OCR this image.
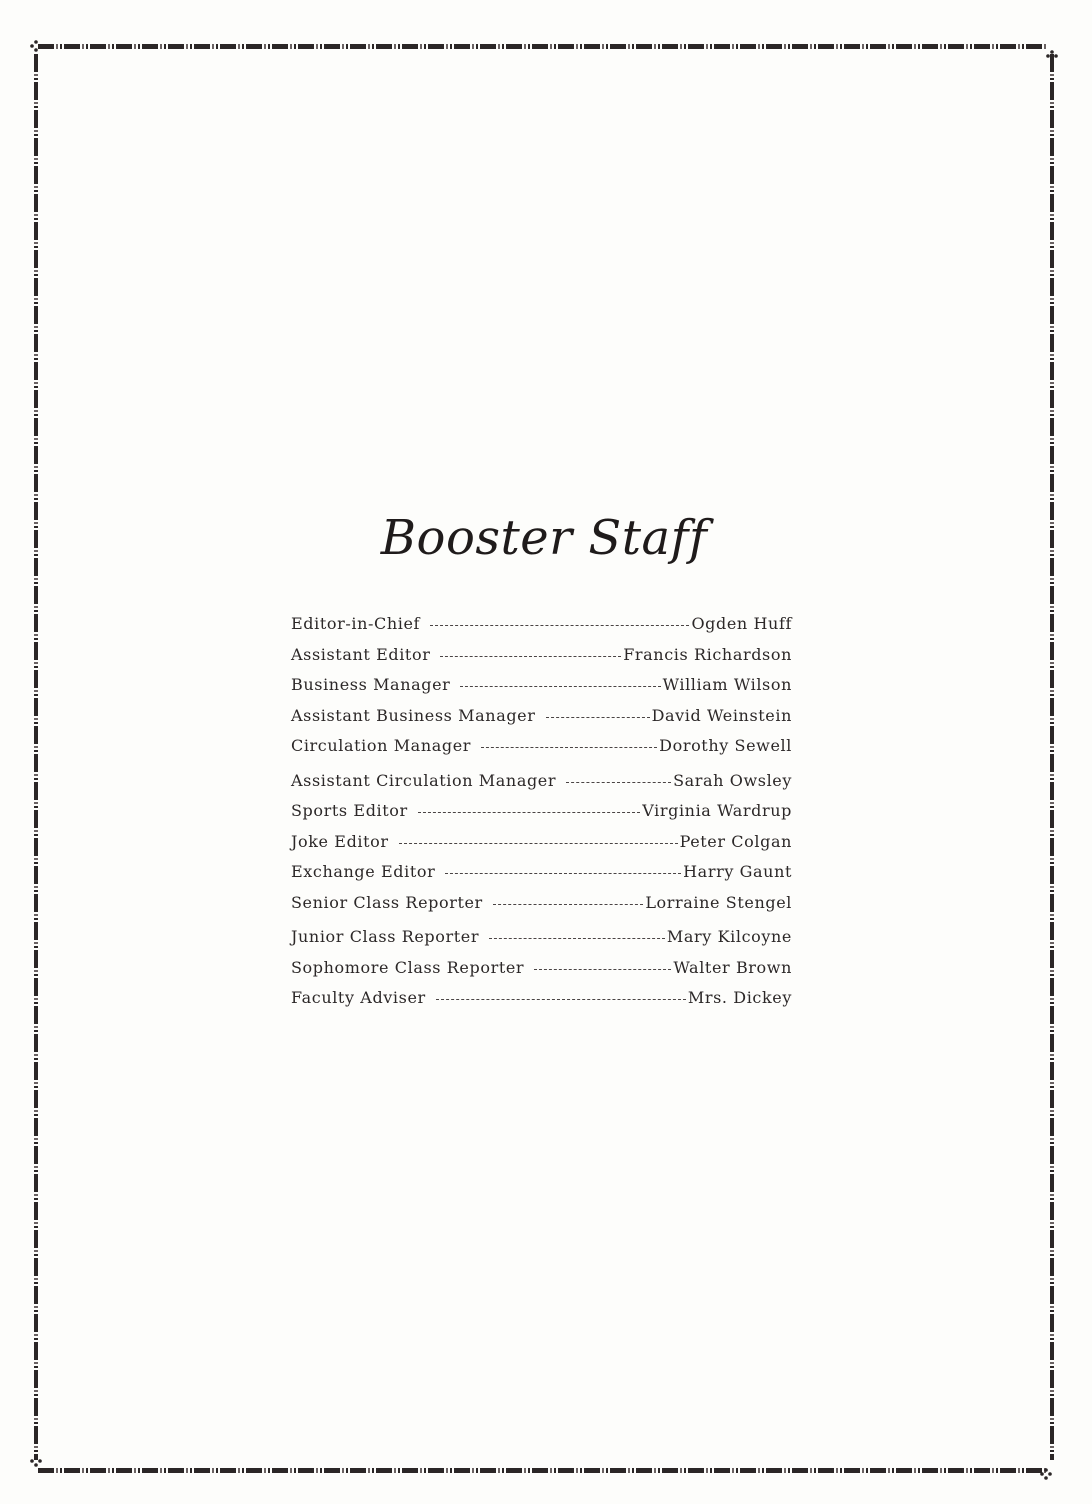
Booster Staff
Editor-in-Chief	Ogden Huff
Assistant Editor	Francis Richardson
Business Manager	William Wilson
Assistant Business Manager	David Weinstein
Circulation Manager	Dorothy Sewell
Assistant Circulation Manager	Sarah Owsley
Sports Editor	Virginia Wardrup
Joke Editor	Peter Colgan
Exchange Editor	Harry Gaunt
Senior Class Reporter	Lorraine Stengel
Junior Class Reporter	Mary Kilcoyne
Sophomore Class Reporter	Walter Brown
Faculty Adviser	Mrs. Dickey
